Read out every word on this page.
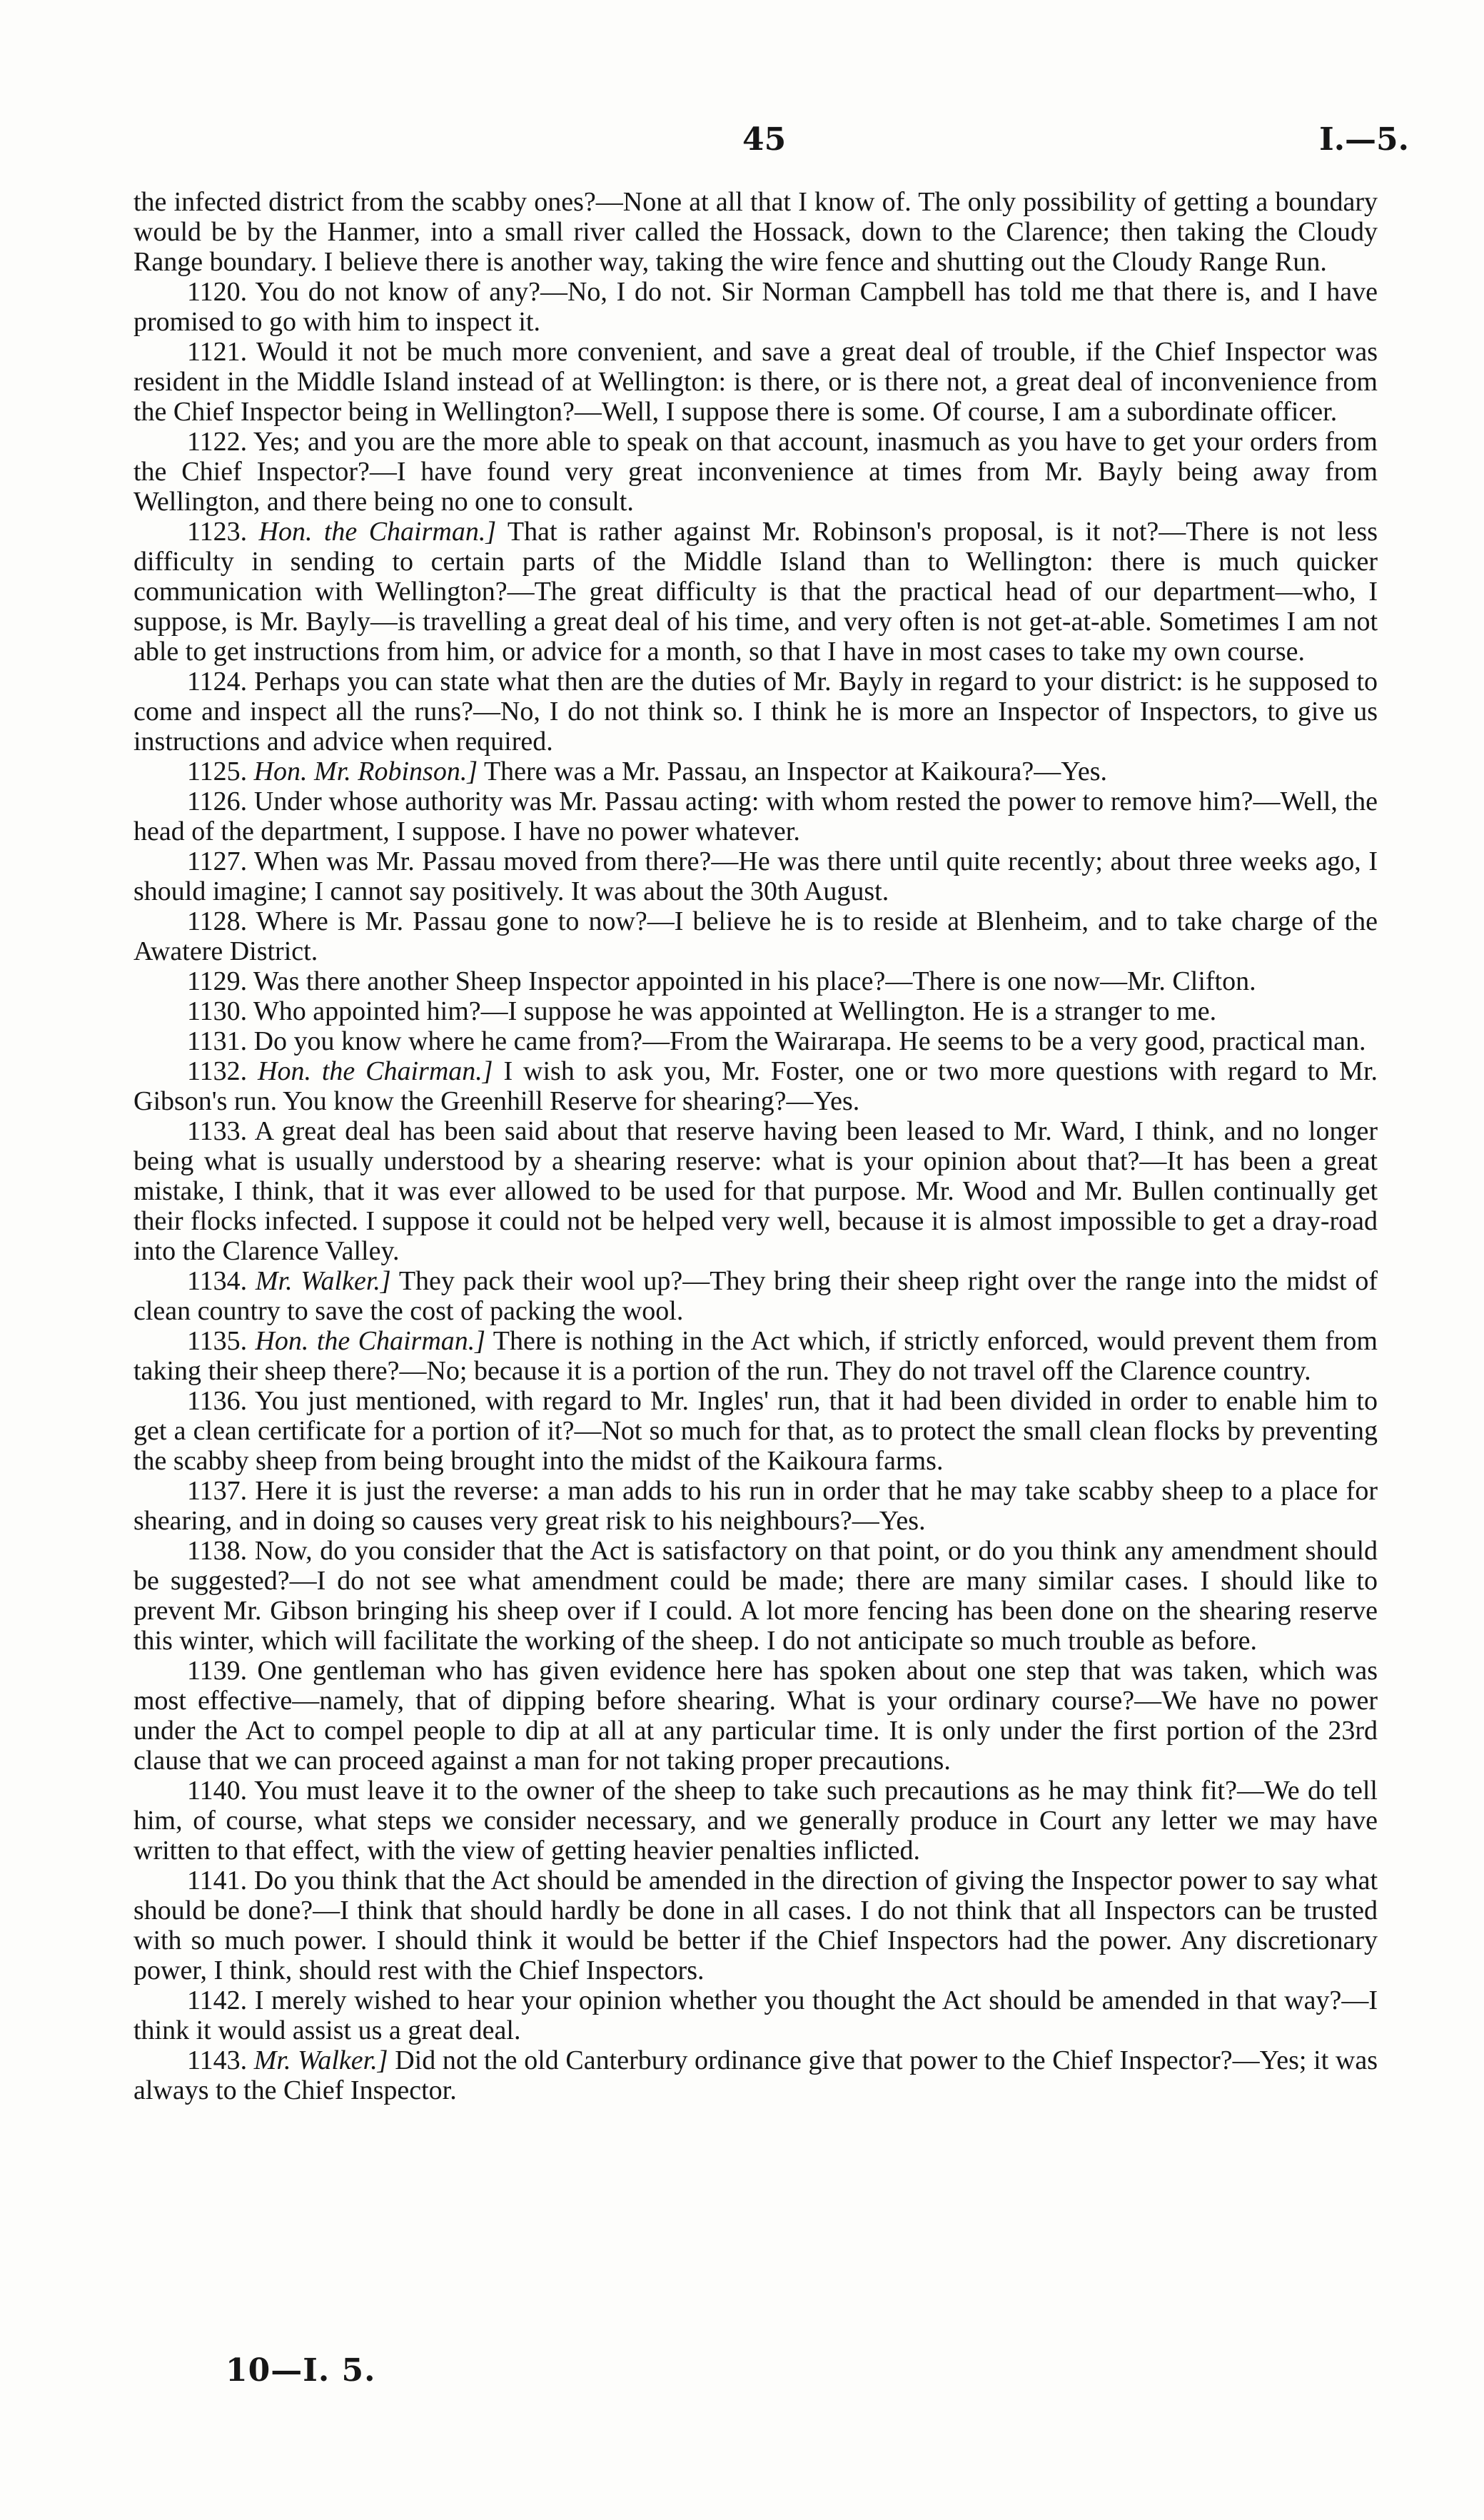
45	I.—5.

the infected district from the scabby ones?—None at all that I know of. The only possibility of getting a boundary would be by the Hanmer, into a small river called the Hossack, down to the Clarence; then taking the Cloudy Range boundary. I believe there is another way, taking the wire fence and shutting out the Cloudy Range Run.

1120. You do not know of any?—No, I do not. Sir Norman Campbell has told me that there is, and I have promised to go with him to inspect it.

1121. Would it not be much more convenient, and save a great deal of trouble, if the Chief Inspector was resident in the Middle Island instead of at Wellington: is there, or is there not, a great deal of inconvenience from the Chief Inspector being in Wellington?—Well, I suppose there is some. Of course, I am a subordinate officer.

1122. Yes; and you are the more able to speak on that account, inasmuch as you have to get your orders from the Chief Inspector?—I have found very great inconvenience at times from Mr. Bayly being away from Wellington, and there being no one to consult.

1123. Hon. the Chairman.] That is rather against Mr. Robinson's proposal, is it not?—There is not less difficulty in sending to certain parts of the Middle Island than to Wellington: there is much quicker communication with Wellington?—The great difficulty is that the practical head of our department—who, I suppose, is Mr. Bayly—is travelling a great deal of his time, and very often is not get-at-able. Sometimes I am not able to get instructions from him, or advice for a month, so that I have in most cases to take my own course.

1124. Perhaps you can state what then are the duties of Mr. Bayly in regard to your district: is he supposed to come and inspect all the runs?—No, I do not think so. I think he is more an Inspector of Inspectors, to give us instructions and advice when required.

1125. Hon. Mr. Robinson.] There was a Mr. Passau, an Inspector at Kaikoura?—Yes.

1126. Under whose authority was Mr. Passau acting: with whom rested the power to remove him?—Well, the head of the department, I suppose. I have no power whatever.

1127. When was Mr. Passau moved from there?—He was there until quite recently; about three weeks ago, I should imagine; I cannot say positively. It was about the 30th August.

1128. Where is Mr. Passau gone to now?—I believe he is to reside at Blenheim, and to take charge of the Awatere District.

1129. Was there another Sheep Inspector appointed in his place?—There is one now—Mr. Clifton.

1130. Who appointed him?—I suppose he was appointed at Wellington. He is a stranger to me.

1131. Do you know where he came from?—From the Wairarapa. He seems to be a very good, practical man.

1132. Hon. the Chairman.] I wish to ask you, Mr. Foster, one or two more questions with regard to Mr. Gibson's run. You know the Greenhill Reserve for shearing?—Yes.

1133. A great deal has been said about that reserve having been leased to Mr. Ward, I think, and no longer being what is usually understood by a shearing reserve: what is your opinion about that?—It has been a great mistake, I think, that it was ever allowed to be used for that purpose. Mr. Wood and Mr. Bullen continually get their flocks infected. I suppose it could not be helped very well, because it is almost impossible to get a dray-road into the Clarence Valley.

1134. Mr. Walker.] They pack their wool up?—They bring their sheep right over the range into the midst of clean country to save the cost of packing the wool.

1135. Hon. the Chairman.] There is nothing in the Act which, if strictly enforced, would prevent them from taking their sheep there?—No; because it is a portion of the run. They do not travel off the Clarence country.

1136. You just mentioned, with regard to Mr. Ingles' run, that it had been divided in order to enable him to get a clean certificate for a portion of it?—Not so much for that, as to protect the small clean flocks by preventing the scabby sheep from being brought into the midst of the Kaikoura farms.

1137. Here it is just the reverse: a man adds to his run in order that he may take scabby sheep to a place for shearing, and in doing so causes very great risk to his neighbours?—Yes.

1138. Now, do you consider that the Act is satisfactory on that point, or do you think any amendment should be suggested?—I do not see what amendment could be made; there are many similar cases. I should like to prevent Mr. Gibson bringing his sheep over if I could. A lot more fencing has been done on the shearing reserve this winter, which will facilitate the working of the sheep. I do not anticipate so much trouble as before.

1139. One gentleman who has given evidence here has spoken about one step that was taken, which was most effective—namely, that of dipping before shearing. What is your ordinary course?—We have no power under the Act to compel people to dip at all at any particular time. It is only under the first portion of the 23rd clause that we can proceed against a man for not taking proper precautions.

1140. You must leave it to the owner of the sheep to take such precautions as he may think fit?—We do tell him, of course, what steps we consider necessary, and we generally produce in Court any letter we may have written to that effect, with the view of getting heavier penalties inflicted.

1141. Do you think that the Act should be amended in the direction of giving the Inspector power to say what should be done?—I think that should hardly be done in all cases. I do not think that all Inspectors can be trusted with so much power. I should think it would be better if the Chief Inspectors had the power. Any discretionary power, I think, should rest with the Chief Inspectors.

1142. I merely wished to hear your opinion whether you thought the Act should be amended in that way?—I think it would assist us a great deal.

1143. Mr. Walker.] Did not the old Canterbury ordinance give that power to the Chief Inspector?—Yes; it was always to the Chief Inspector.

10—I. 5.
